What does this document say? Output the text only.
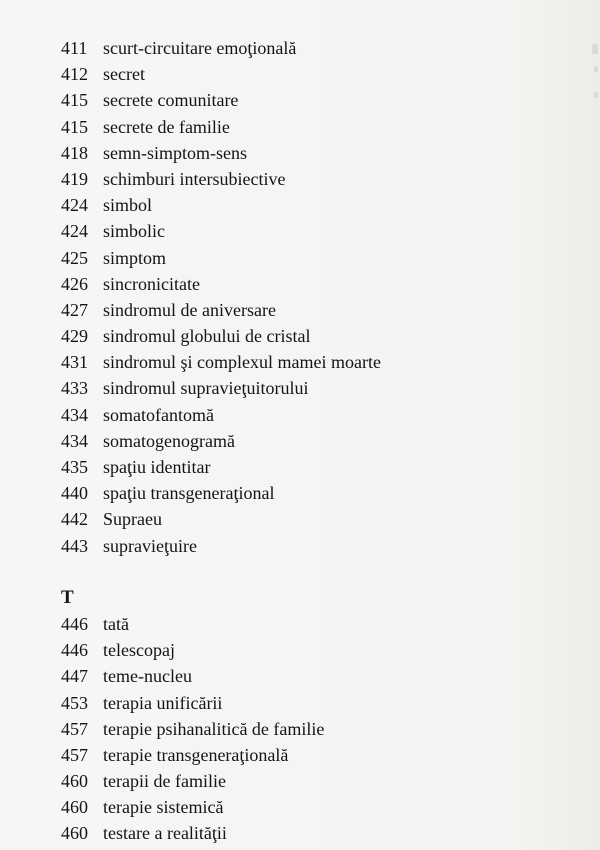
411 scurt-circuitare emoţională
412 secret
415 secrete comunitare
415 secrete de familie
418 semn-simptom-sens
419 schimburi intersubiective
424 simbol
424 simbolic
425 simptom
426 sincronicitate
427 sindromul de aniversare
429 sindromul globului de cristal
431 sindromul şi complexul mamei moarte
433 sindromul supravieţuitorului
434 somatofantomă
434 somatogenogramă
435 spaţiu identitar
440 spaţiu transgeneraţional
442 Supraeu
443 supravieţuire
T
446 tată
446 telescopaj
447 teme-nucleu
453 terapia unificării
457 terapie psihanalitică de familie
457 terapie transgeneraţională
460 terapii de familie
460 terapie sistemică
460 testare a realităţii
